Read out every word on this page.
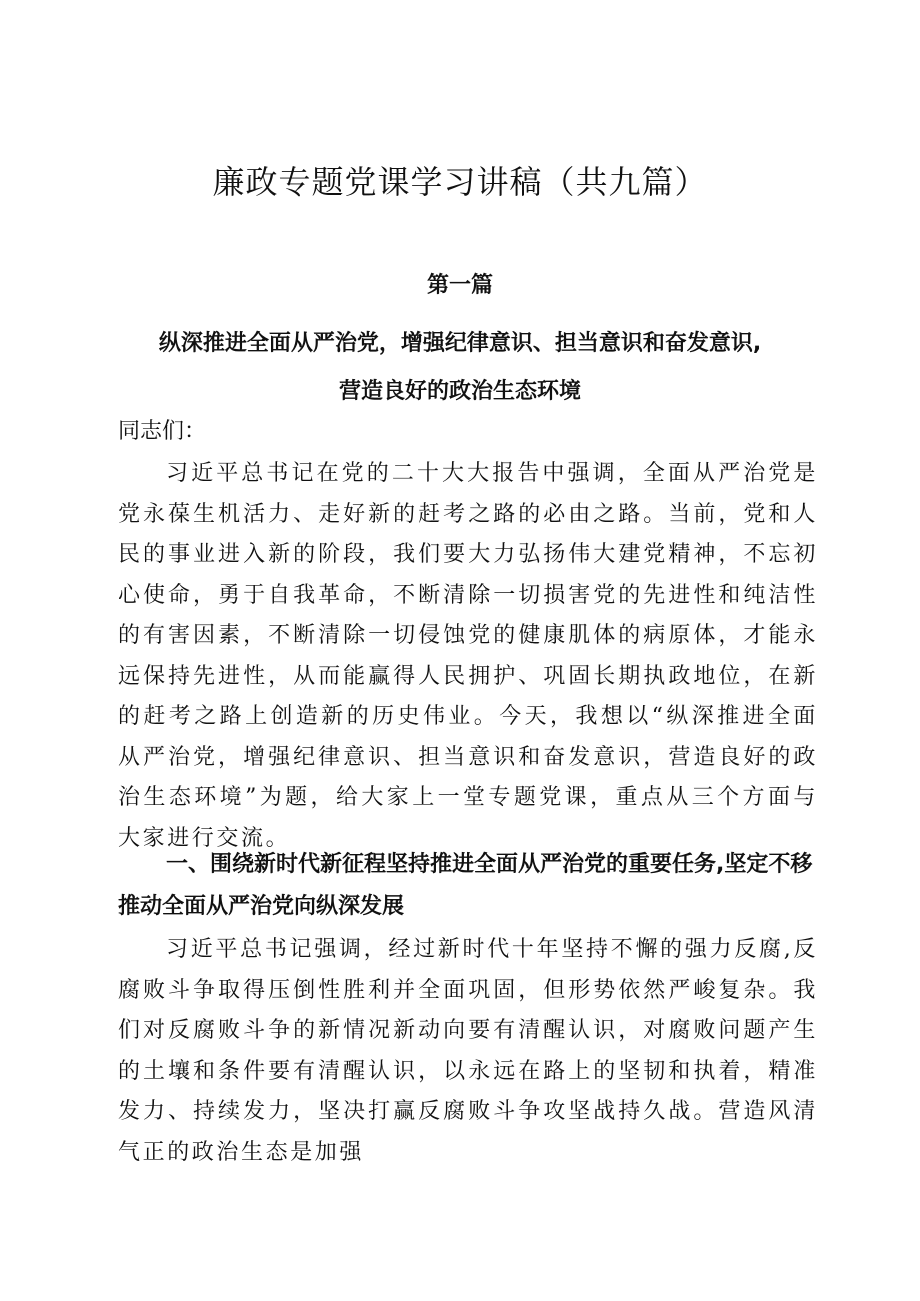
廉政专题党课学习讲稿（共九篇）
第一篇
纵深推进全面从严治党，增强纪律意识、担当意识和奋发意识,
营造良好的政治生态环境
同志们：

习近平总书记在党的二十大大报告中强调，全面从严治党是党永葆生机活力、走好新的赶考之路的必由之路。当前，党和人民的事业进入新的阶段，我们要大力弘扬伟大建党精神，不忘初心使命，勇于自我革命，不断清除一切损害党的先进性和纯洁性的有害因素，不断清除一切侵蚀党的健康肌体的病原体，才能永远保持先进性，从而能赢得人民拥护、巩固长期执政地位，在新的赶考之路上创造新的历史伟业。今天，我想以“纵深推进全面从严治党，增强纪律意识、担当意识和奋发意识，营造良好的政治生态环境”为题，给大家上一堂专题党课，重点从三个方面与大家进行交流。

一、围绕新时代新征程坚持推进全面从严治党的重要任务,坚定不移推动全面从严治党向纵深发展

习近平总书记强调，经过新时代十年坚持不懈的强力反腐,反腐败斗争取得压倒性胜利并全面巩固，但形势依然严峻复杂。我们对反腐败斗争的新情况新动向要有清醒认识，对腐败问题产生的土壤和条件要有清醒认识，以永远在路上的坚韧和执着，精准发力、持续发力，坚决打赢反腐败斗争攻坚战持久战。营造风清气正的政治生态是加强
